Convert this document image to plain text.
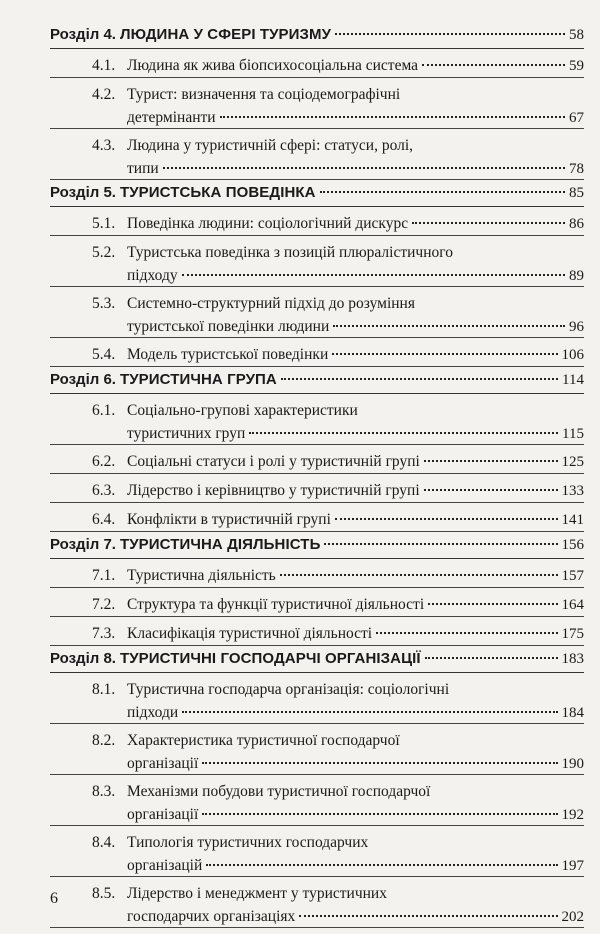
Розділ 4. ЛЮДИНА У СФЕРІ ТУРИЗМУ	58
4.1. Людина як жива біопсихосоціальна система	59
4.2. Турист: визначення та соціодемографічні
детермінанти	67
4.3. Людина у туристичній сфері: статуси, ролі,
типи	78
Розділ 5. ТУРИСТСЬКА ПОВЕДІНКА	85
5.1. Поведінка людини: соціологічний дискурс	86
5.2. Туристська поведінка з позицій плюралістичного
підходу	89
5.3. Системно-структурний підхід до розуміння
туристської поведінки людини	96
5.4. Модель туристської поведінки	106
Розділ 6. ТУРИСТИЧНА ГРУПА	114
6.1. Соціально-групові характеристики
туристичних груп	115
6.2. Соціальні статуси і ролі у туристичній групі	125
6.3. Лідерство і керівництво у туристичній групі	133
6.4. Конфлікти в туристичній групі	141
Розділ 7. ТУРИСТИЧНА ДІЯЛЬНІСТЬ	156
7.1. Туристична діяльність	157
7.2. Структура та функції туристичної діяльності	164
7.3. Класифікація туристичної діяльності	175
Розділ 8. ТУРИСТИЧНІ ГОСПОДАРЧІ ОРГАНІЗАЦІЇ	183
8.1. Туристична господарча організація: соціологічні
підходи	184
8.2. Характеристика туристичної господарчої
організації	190
8.3. Механізми побудови туристичної господарчої
організації	192
8.4. Типологія туристичних господарчих
організацій	197
8.5. Лідерство і менеджмент у туристичних
господарчих організаціях	202
6
